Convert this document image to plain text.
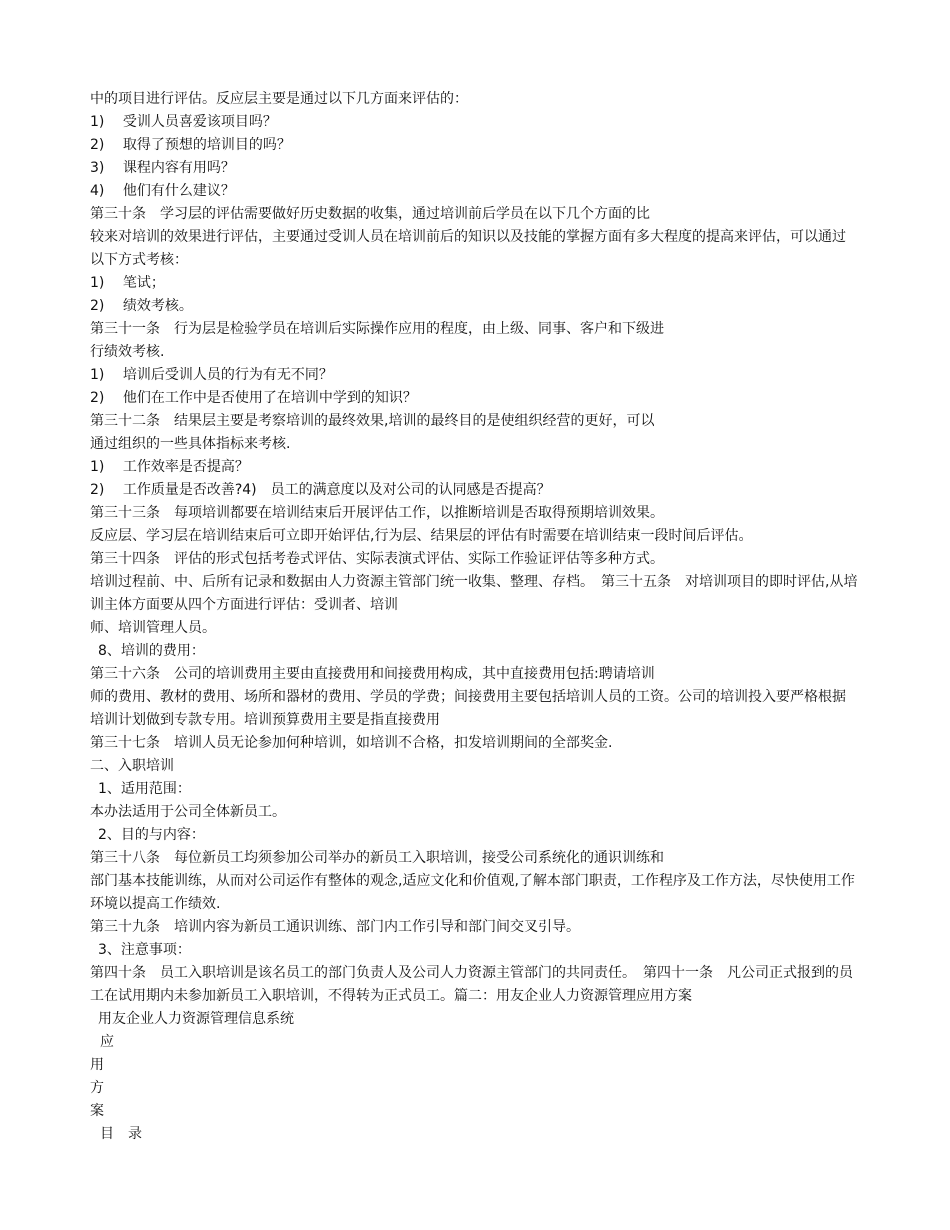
中的项目进行评估。反应层主要是通过以下几方面来评估的：

1)　 受训人员喜爱该项目吗？

2)　 取得了预想的培训目的吗？

3)　 课程内容有用吗？

4)　 他们有什么建议？

第三十条　学习层的评估需要做好历史数据的收集，通过培训前后学员在以下几个方面的比

较来对培训的效果进行评估，主要通过受训人员在培训前后的知识以及技能的掌握方面有多大程度的提高来评估，可以通过以下方式考核：

1)　 笔试；

2)　 绩效考核。

第三十一条　行为层是检验学员在培训后实际操作应用的程度，由上级、同事、客户和下级进

行绩效考核.

1)　 培训后受训人员的行为有无不同？

2)　 他们在工作中是否使用了在培训中学到的知识？

第三十二条　结果层主要是考察培训的最终效果,培训的最终目的是使组织经营的更好，可以

通过组织的一些具体指标来考核.

1)　 工作效率是否提高？

2)　 工作质量是否改善?4)　员工的满意度以及对公司的认同感是否提高？

第三十三条　每项培训都要在培训结束后开展评估工作，以推断培训是否取得预期培训效果。

反应层、学习层在培训结束后可立即开始评估,行为层、结果层的评估有时需要在培训结束一段时间后评估。

第三十四条　评估的形式包括考卷式评估、实际表演式评估、实际工作验证评估等多种方式。

培训过程前、中、后所有记录和数据由人力资源主管部门统一收集、整理、存档。　第三十五条　对培训项目的即时评估,从培训主体方面要从四个方面进行评估：受训者、培训

师、培训管理人员。

8、培训的费用：

第三十六条　公司的培训费用主要由直接费用和间接费用构成，其中直接费用包括:聘请培训

师的费用、教材的费用、场所和器材的费用、学员的学费；间接费用主要包括培训人员的工资。公司的培训投入要严格根据培训计划做到专款专用。培训预算费用主要是指直接费用

第三十七条　培训人员无论参加何种培训，如培训不合格，扣发培训期间的全部奖金.

二、入职培训

1、适用范围：

本办法适用于公司全体新员工。

2、目的与内容：

第三十八条　每位新员工均须参加公司举办的新员工入职培训，接受公司系统化的通识训练和

部门基本技能训练，从而对公司运作有整体的观念,适应文化和价值观,了解本部门职责，工作程序及工作方法，尽快使用工作环境以提高工作绩效.

第三十九条　培训内容为新员工通识训练、部门内工作引导和部门间交叉引导。

3、注意事项：

第四十条　员工入职培训是该名员工的部门负责人及公司人力资源主管部门的共同责任。　第四十一条　凡公司正式报到的员工在试用期内未参加新员工入职培训，不得转为正式员工。篇二：用友企业人力资源管理应用方案

用友企业人力资源管理信息系统

应

用

方

案

目　录
